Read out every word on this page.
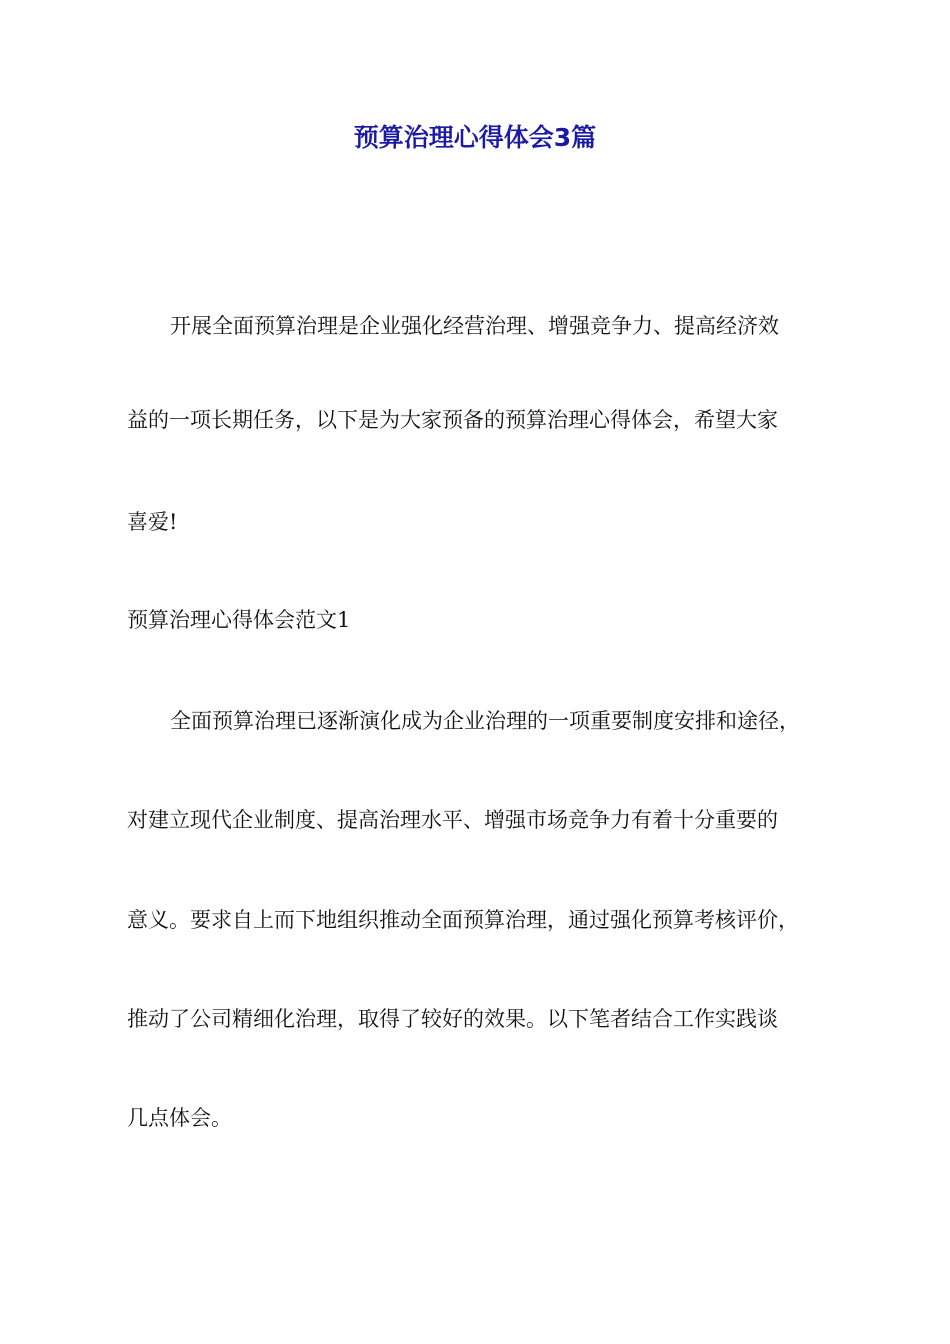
预算治理心得体会3篇

开展全面预算治理是企业强化经营治理、增强竞争力、提高经济效

益的一项长期任务，以下是为大家预备的预算治理心得体会，希望大家

喜爱!

预算治理心得体会范文1

全面预算治理已逐渐演化成为企业治理的一项重要制度安排和途径，

对建立现代企业制度、提高治理水平、增强市场竞争力有着十分重要的

意义。要求自上而下地组织推动全面预算治理，通过强化预算考核评价，

推动了公司精细化治理，取得了较好的效果。以下笔者结合工作实践谈

几点体会。
